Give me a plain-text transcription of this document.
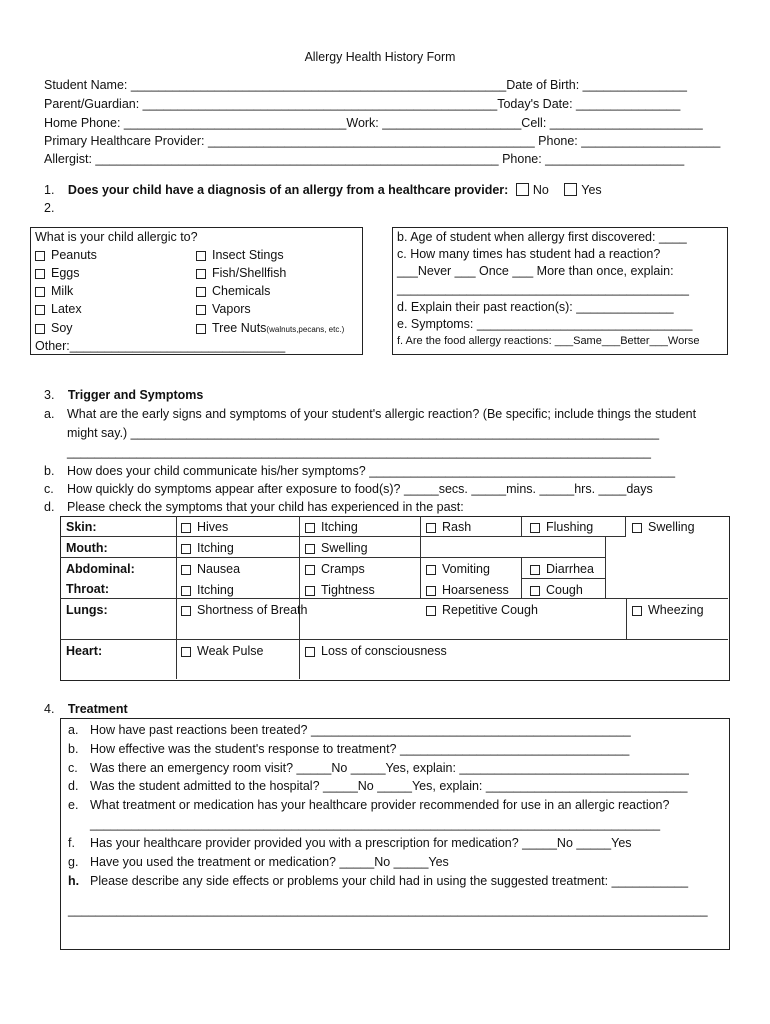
Allergy Health History Form
Student Name: ______________________________________________________Date of Birth: _______________
Parent/Guardian: ___________________________________________________Today's Date: _______________
Home Phone: ________________________________Work: ____________________Cell: ______________________
Primary Healthcare Provider: _______________________________________________ Phone: ____________________
Allergist: __________________________________________________________ Phone: ____________________
1. Does your child have a diagnosis of an allergy from a healthcare provider: No	Yes
2.
What is your child allergic to?
Peanuts
Eggs
Milk
Latex
Soy
Insect Stings
Fish/Shellfish
Chemicals
Vapors
Tree Nuts(walnuts,pecans, etc.)
Other:_______________________________
b. Age of student when allergy first discovered: ____
c. How many times has student had a reaction?
___Never ___ Once ___ More than once, explain:
__________________________________________
d. Explain their past reaction(s): ______________
e. Symptoms: _______________________________
f. Are the food allergy reactions: ___Same___Better___Worse
3. Trigger and Symptoms
a. What are the early signs and symptoms of your student's allergic reaction? (Be specific; include things the student
might say.) ____________________________________________________________________________
____________________________________________________________________________________
b. How does your child communicate his/her symptoms? ____________________________________________
c. How quickly do symptoms appear after exposure to food(s)? _____secs. _____mins. _____hrs. ____days
d. Please check the symptoms that your child has experienced in the past:
Skin:	Hives	Itching	Rash	Flushing	Swelling
Mouth:	Itching	Swelling
Abdominal:	Nausea	Cramps	Vomiting	Diarrhea
Throat:	Itching	Tightness	Hoarseness	Cough
Lungs:	Shortness of Breath	Repetitive Cough	Wheezing
Heart:	Weak Pulse	Loss of consciousness
4. Treatment
a. How have past reactions been treated? ______________________________________________
b. How effective was the student's response to treatment? _________________________________
c. Was there an emergency room visit? _____No _____Yes, explain: _________________________________
d. Was the student admitted to the hospital? _____No _____Yes, explain: _____________________________
e. What treatment or medication has your healthcare provider recommended for use in an allergic reaction?
__________________________________________________________________________________
f. Has your healthcare provider provided you with a prescription for medication? _____No _____Yes
g. Have you used the treatment or medication? _____No _____Yes
h. Please describe any side effects or problems your child had in using the suggested treatment: ___________
____________________________________________________________________________________________
